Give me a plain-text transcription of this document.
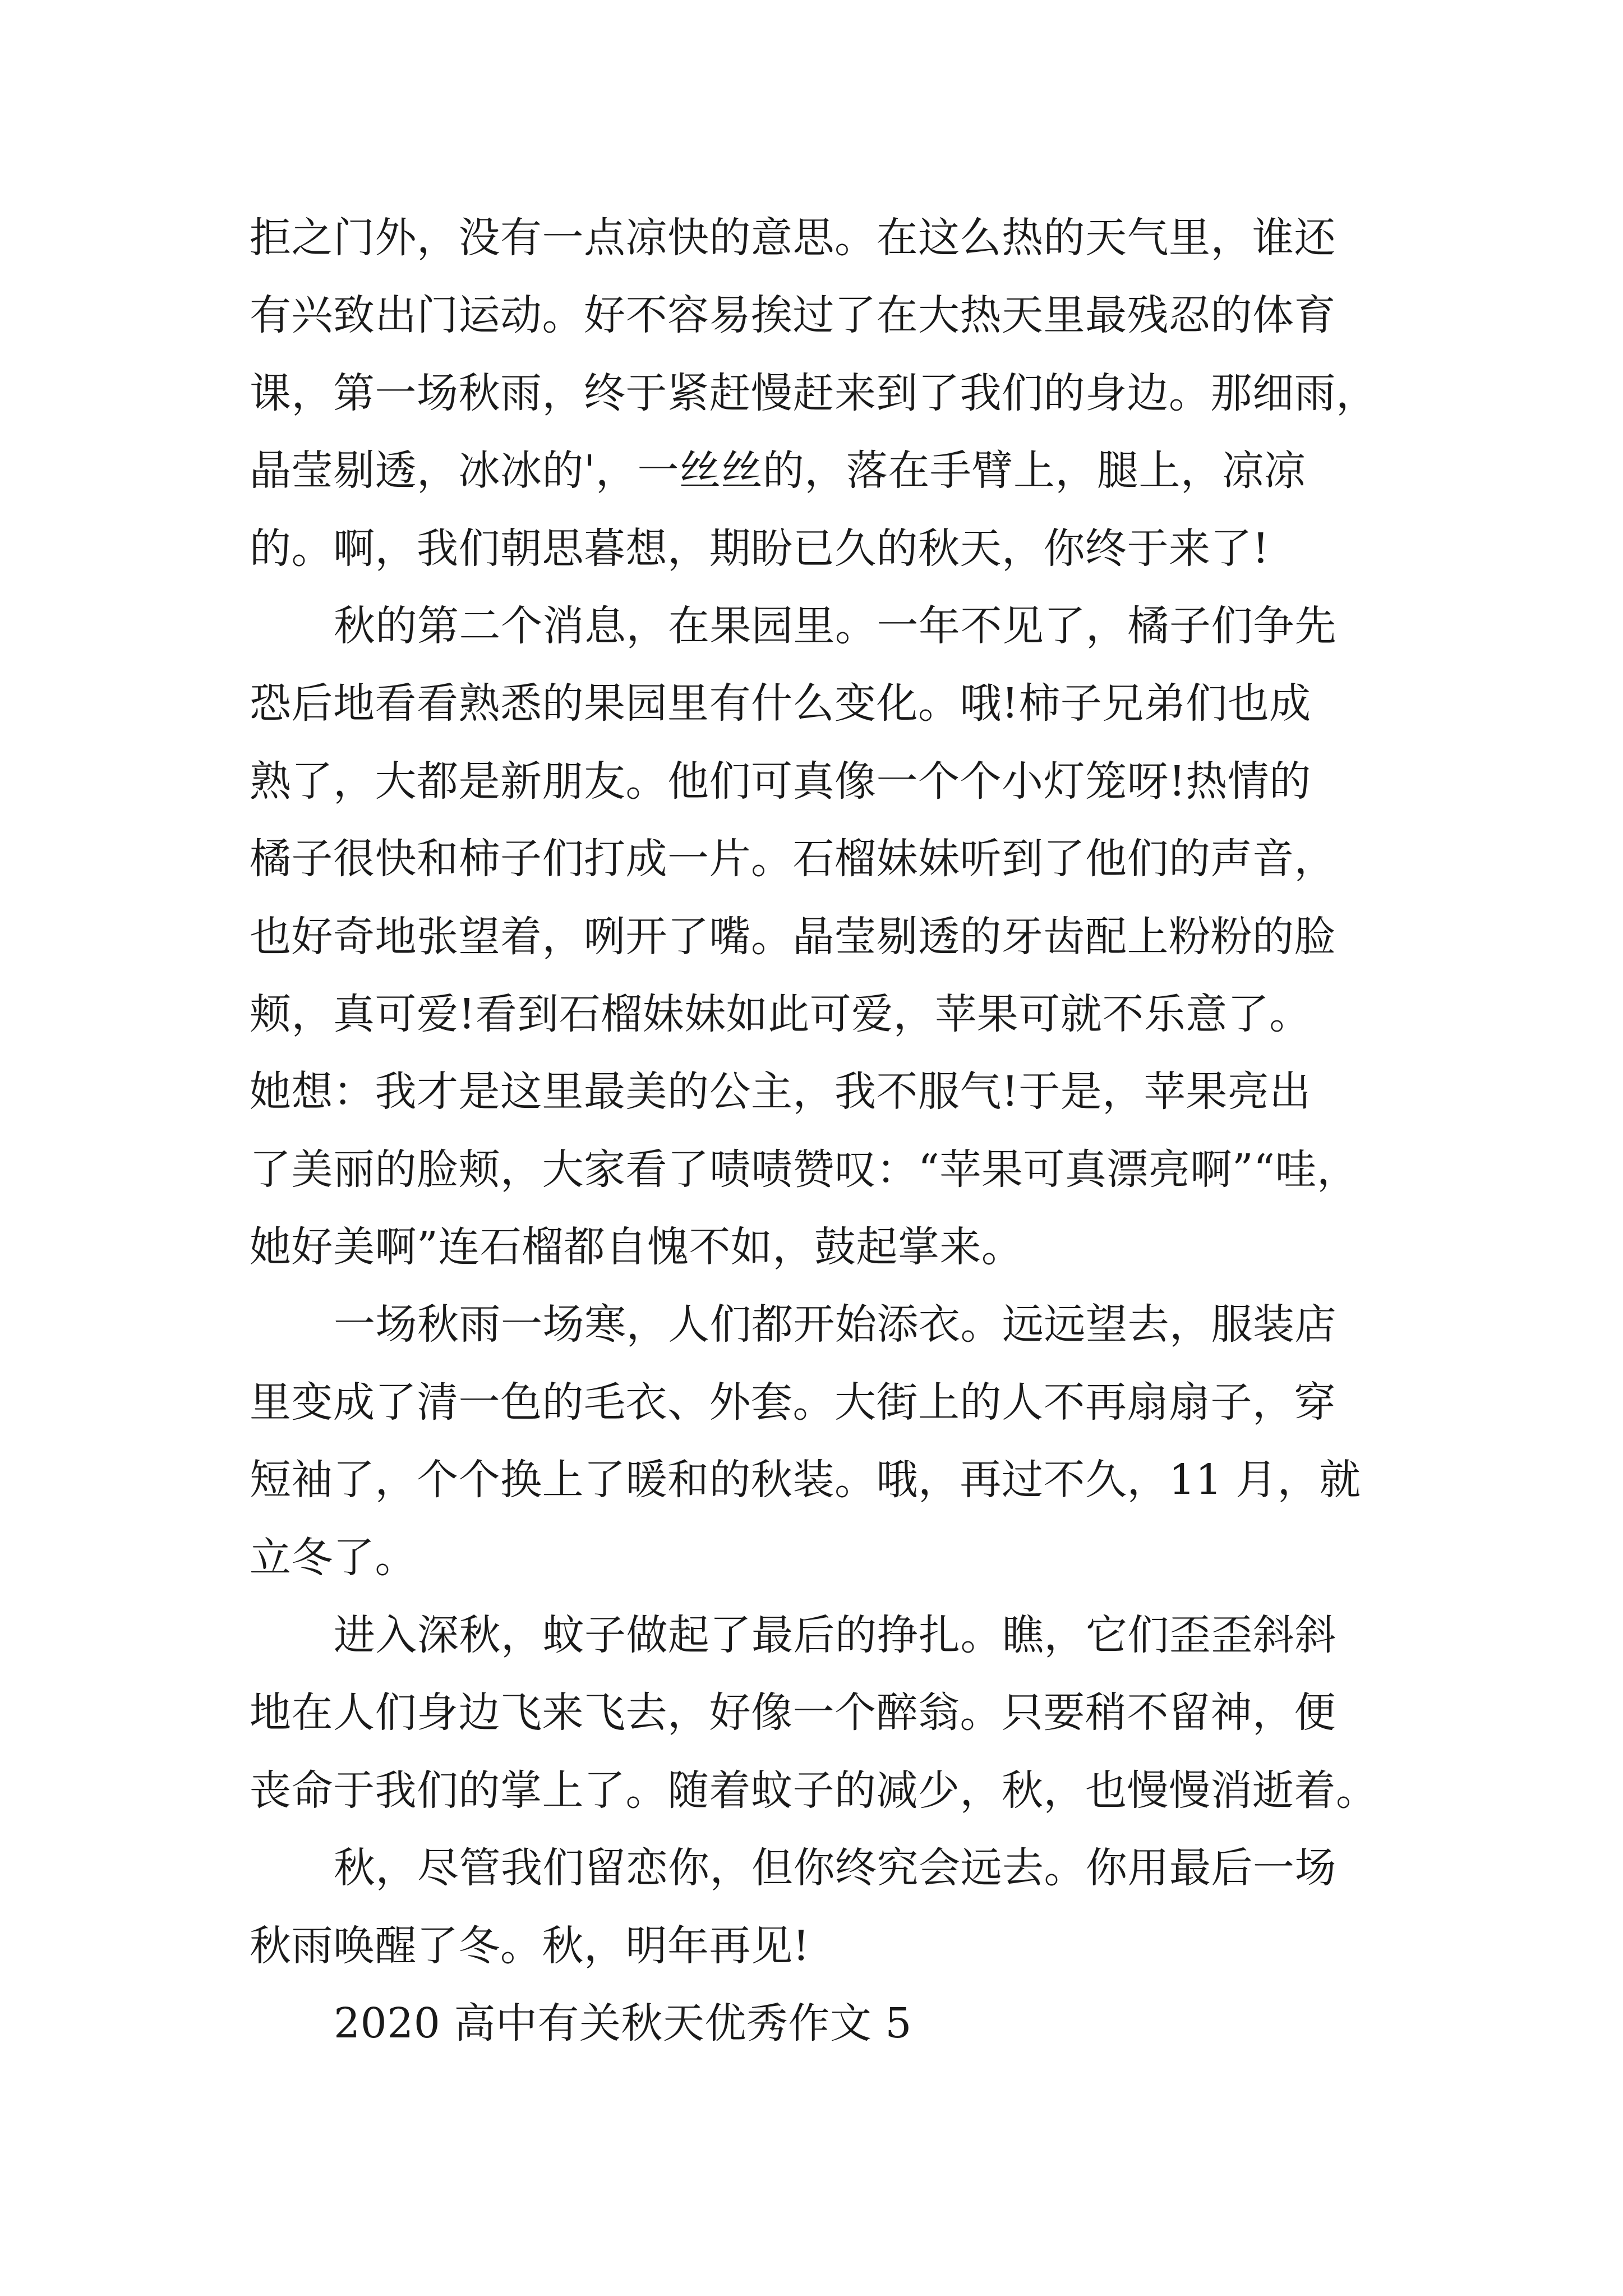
拒之门外，没有一点凉快的意思。在这么热的天气里，谁还
有兴致出门运动。好不容易挨过了在大热天里最残忍的体育
课，第一场秋雨，终于紧赶慢赶来到了我们的身边。那细雨，
晶莹剔透，冰冰的'，一丝丝的，落在手臂上，腿上，凉凉
的。啊，我们朝思暮想，期盼已久的秋天，你终于来了!
秋的第二个消息，在果园里。一年不见了，橘子们争先
恐后地看看熟悉的果园里有什么变化。哦!柿子兄弟们也成
熟了，大都是新朋友。他们可真像一个个小灯笼呀!热情的
橘子很快和柿子们打成一片。石榴妹妹听到了他们的声音，
也好奇地张望着，咧开了嘴。晶莹剔透的牙齿配上粉粉的脸
颊，真可爱!看到石榴妹妹如此可爱，苹果可就不乐意了。
她想：我才是这里最美的公主，我不服气!于是，苹果亮出
了美丽的脸颊，大家看了啧啧赞叹：“苹果可真漂亮啊”“哇，
她好美啊”连石榴都自愧不如，鼓起掌来。
一场秋雨一场寒，人们都开始添衣。远远望去，服装店
里变成了清一色的毛衣、外套。大街上的人不再扇扇子，穿
短袖了，个个换上了暖和的秋装。哦，再过不久，11 月，就
立冬了。
进入深秋，蚊子做起了最后的挣扎。瞧，它们歪歪斜斜
地在人们身边飞来飞去，好像一个醉翁。只要稍不留神，便
丧命于我们的掌上了。随着蚊子的减少，秋，也慢慢消逝着。
秋，尽管我们留恋你，但你终究会远去。你用最后一场
秋雨唤醒了冬。秋，明年再见!
2020 高中有关秋天优秀作文 5
